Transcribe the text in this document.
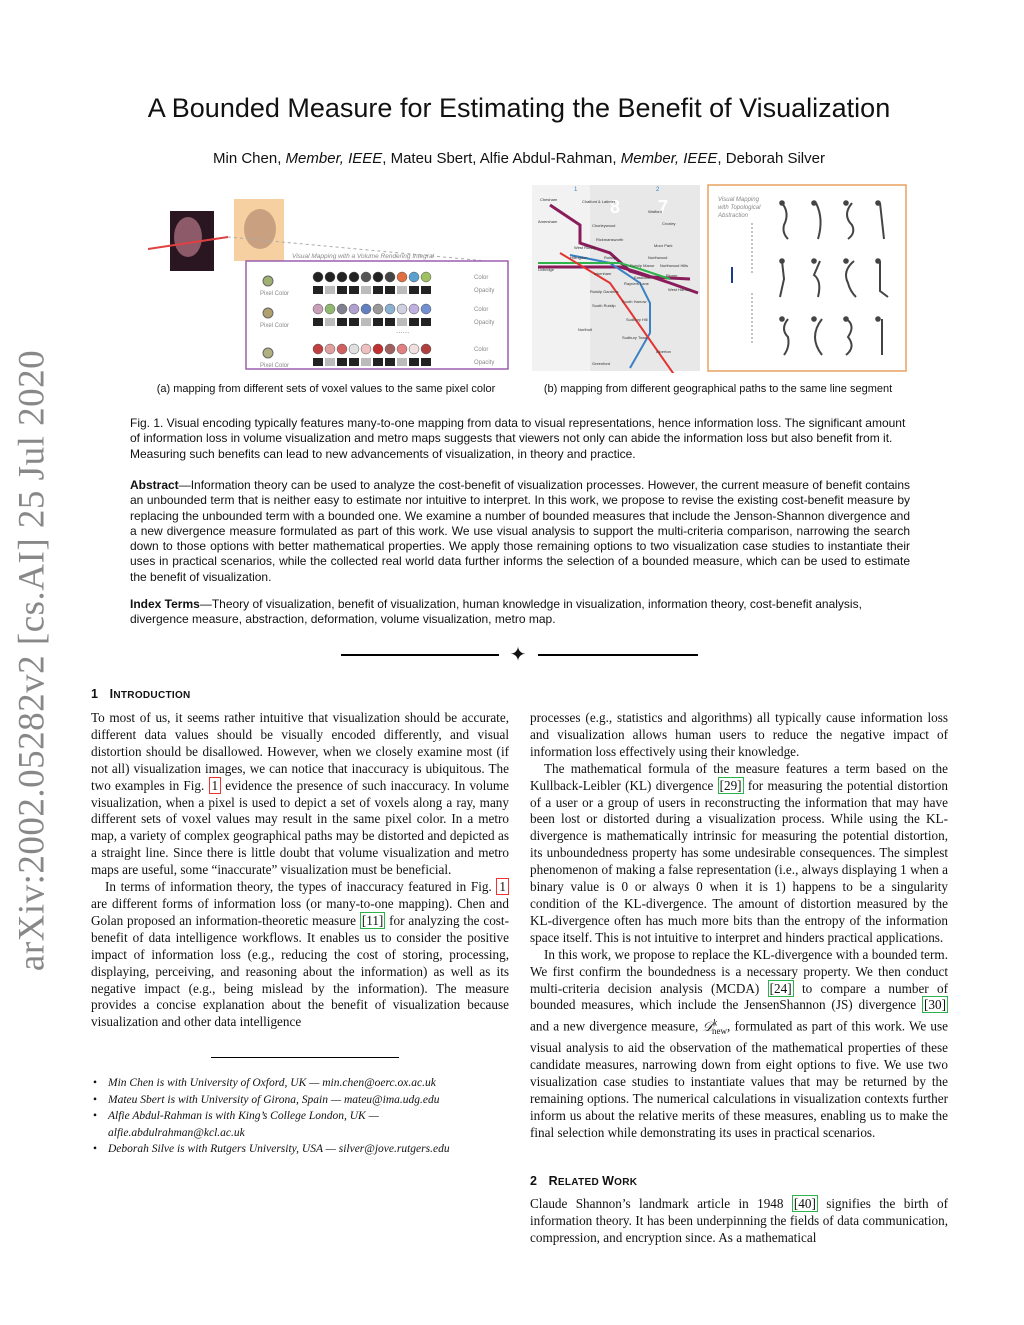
arXiv:2002.05282v2 [cs.AI] 25 Jul 2020
A Bounded Measure for Estimating the Benefit of Visualization
Min Chen, Member, IEEE, Mateu Sbert, Alfie Abdul-Rahman, Member, IEEE, Deborah Silver
Visual Mapping with a Volume Rendering Integral
Pixel Color
Color
Opacity
Pixel Color
Color
Opacity
Pixel Color
Color
Opacity
......
8 7
1	2
Chesham	Chalfont & Latimer
Amersham
Watford
Croxley
Chorleywood
Rickmansworth
Moor Park
Northwood
Northwood Hills
Pinner
West Ruislip
Uxbridge
Hillingdon
Ickenham
Ruislip
Ruislip Manor
Eastcote
Rayners Lane
West Harrow
Ruislip Gardens
South Ruislip
South Harrow
Northolt
Sudbury Hill
Sudbury Town
Alperton
Greenford
Visual Mapping
with Topological
Abstraction
(a) mapping from different sets of voxel values to the same pixel color	(b) mapping from different geographical paths to the same line segment
Fig. 1. Visual encoding typically features many-to-one mapping from data to visual representations, hence information loss. The significant amount of information loss in volume visualization and metro maps suggests that viewers not only can abide the information loss but also benefit from it. Measuring such benefits can lead to new advancements of visualization, in theory and practice.
Abstract—Information theory can be used to analyze the cost-benefit of visualization processes. However, the current measure of benefit contains an unbounded term that is neither easy to estimate nor intuitive to interpret. In this work, we propose to revise the existing cost-benefit measure by replacing the unbounded term with a bounded one. We examine a number of bounded measures that include the Jenson-Shannon divergence and a new divergence measure formulated as part of this work. We use visual analysis to support the multi-criteria comparison, narrowing the search down to those options with better mathematical properties. We apply those remaining options to two visualization case studies to instantiate their uses in practical scenarios, while the collected real world data further informs the selection of a bounded measure, which can be used to estimate the benefit of visualization.
Index Terms—Theory of visualization, benefit of visualization, human knowledge in visualization, information theory, cost-benefit analysis, divergence measure, abstraction, deformation, volume visualization, metro map.
✦
1 INTRODUCTION

To most of us, it seems rather intuitive that visualization should be accurate, different data values should be visually encoded differently, and visual distortion should be disallowed. However, when we closely examine most (if not all) visualization images, we can notice that inaccuracy is ubiquitous. The two examples in Fig. 1 evidence the presence of such inaccuracy. In volume visualization, when a pixel is used to depict a set of voxels along a ray, many different sets of voxel values may result in the same pixel color. In a metro map, a variety of complex geographical paths may be distorted and depicted as a straight line. Since there is little doubt that volume visualization and metro maps are useful, some “inaccurate” visualization must be beneficial.

In terms of information theory, the types of inaccuracy featured in Fig. 1 are different forms of information loss (or many-to-one mapping). Chen and Golan proposed an information-theoretic measure [11] for analyzing the cost-benefit of data intelligence workflows. It enables us to consider the positive impact of information loss (e.g., reducing the cost of storing, processing, displaying, perceiving, and reasoning about the information) as well as its negative impact (e.g., being mislead by the information). The measure provides a concise explanation about the benefit of visualization because visualization and other data intelligence

• Min Chen is with University of Oxford, UK — min.chen@oerc.ox.ac.uk
• Mateu Sbert is with University of Girona, Spain — mateu@ima.udg.edu
• Alfie Abdul-Rahman is with King’s College London, UK — alfie.abdulrahman@kcl.ac.uk
• Deborah Silve is with Rutgers University, USA — silver@jove.rutgers.edu

processes (e.g., statistics and algorithms) all typically cause information loss and visualization allows human users to reduce the negative impact of information loss effectively using their knowledge.

The mathematical formula of the measure features a term based on the Kullback-Leibler (KL) divergence [29] for measuring the potential distortion of a user or a group of users in reconstructing the information that may have been lost or distorted during a visualization process. While using the KL-divergence is mathematically intrinsic for measuring the potential distortion, its unboundedness property has some undesirable consequences. The simplest phenomenon of making a false representation (i.e., always displaying 1 when a binary value is 0 or always 0 when it is 1) happens to be a singularity condition of the KL-divergence. The amount of distortion measured by the KL-divergence often has much more bits than the entropy of the information space itself. This is not intuitive to interpret and hinders practical applications.

In this work, we propose to replace the KL-divergence with a bounded term. We first confirm the boundedness is a necessary property. We then conduct multi-criteria decision analysis (MCDA) [24] to compare a number of bounded measures, which include the JensenShannon (JS) divergence [30] and a new divergence measure, 𝒟$^k_{new}$, formulated as part of this work. We use visual analysis to aid the observation of the mathematical properties of these candidate measures, narrowing down from eight options to five. We use two visualization case studies to instantiate values that may be returned by the remaining options. The numerical calculations in visualization contexts further inform us about the relative merits of these measures, enabling us to make the final selection while demonstrating its uses in practical scenarios.

2 RELATED WORK

Claude Shannon’s landmark article in 1948 [40] signifies the birth of information theory. It has been underpinning the fields of data communication, compression, and encryption since. As a mathematical
